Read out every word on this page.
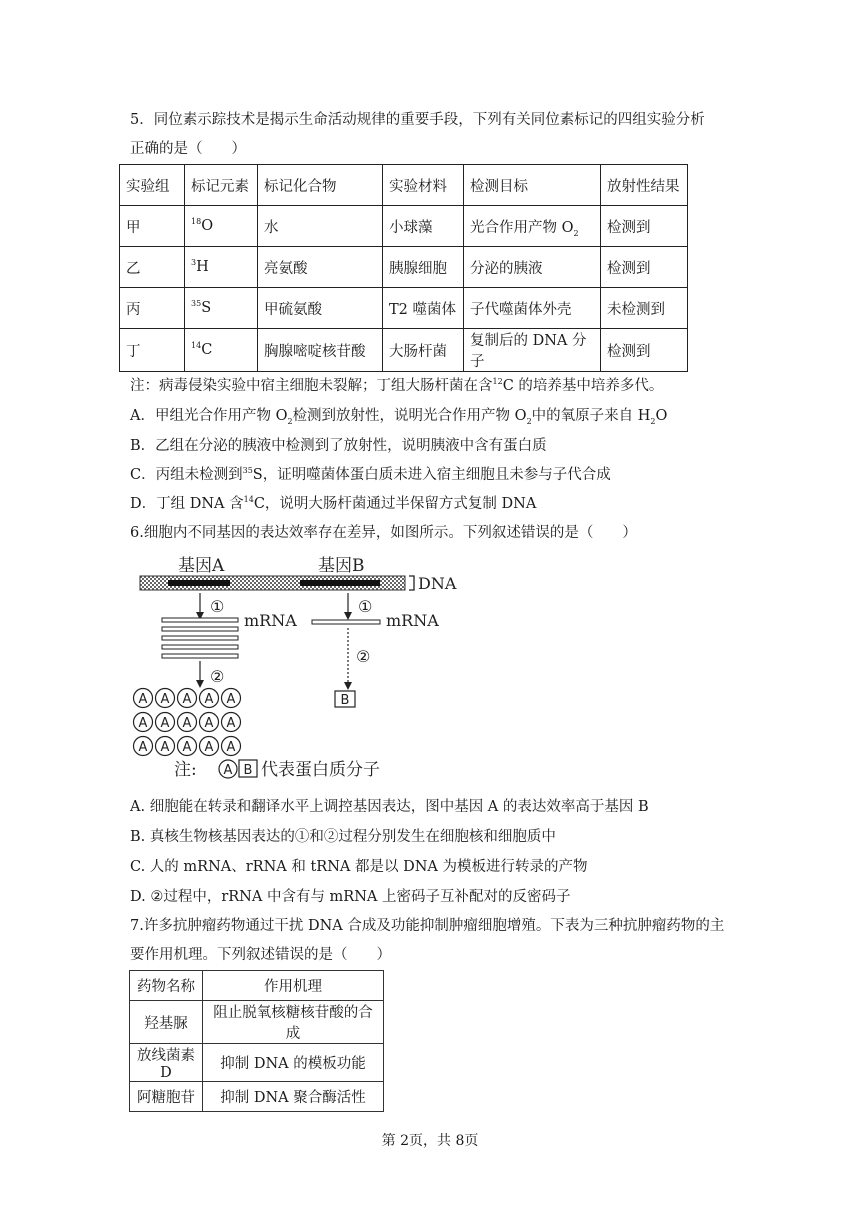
5．同位素示踪技术是揭示生命活动规律的重要手段，下列有关同位素标记的四组实验分析
正确的是（　　）
实验组	标记元素	标记化合物	实验材料	检测目标	放射性结果
甲	$^{18}$O	水	小球藻	光合作用产物 $O_2$	检测到
乙	$^3$H	亮氨酸	胰腺细胞	分泌的胰液	检测到
丙	$^{35}$S	甲硫氨酸	T2 噬菌体	子代噬菌体外壳	未检测到
丁	$^{14}$C	胸腺嘧啶核苷酸	大肠杆菌	复制后的 DNA 分子	检测到
注：病毒侵染实验中宿主细胞未裂解；丁组大肠杆菌在含$^{12}$C 的培养基中培养多代。
A．甲组光合作用产物 $O_2$检测到放射性，说明光合作用产物 $O_2$中的氧原子来自 $H_2O$
B．乙组在分泌的胰液中检测到了放射性，说明胰液中含有蛋白质
C．丙组未检测到$^{35}$S，证明噬菌体蛋白质未进入宿主细胞且未参与子代合成
D．丁组 DNA 含$^{14}$C，说明大肠杆菌通过半保留方式复制 DNA
6.细胞内不同基因的表达效率存在差异，如图所示。下列叙述错误的是（　　）
基因A	基因B
DNA
①
mRNA
①
mRNA
②
A A A A A
A A A A A
A A A A A
②
B
注: A B 代表蛋白质分子
A. 细胞能在转录和翻译水平上调控基因表达，图中基因 A 的表达效率高于基因 B
B. 真核生物核基因表达的①和②过程分别发生在细胞核和细胞质中
C. 人的 mRNA、rRNA 和 tRNA 都是以 DNA 为模板进行转录的产物
D. ②过程中，rRNA 中含有与 mRNA 上密码子互补配对的反密码子
7.许多抗肿瘤药物通过干扰 DNA 合成及功能抑制肿瘤细胞增殖。下表为三种抗肿瘤药物的主
要作用机理。下列叙述错误的是（　　）
药物名称	作用机理
羟基脲	阻止脱氧核糖核苷酸的合成
放线菌素 D	抑制 DNA 的模板功能
阿糖胞苷	抑制 DNA 聚合酶活性
第 2页，共 8页
